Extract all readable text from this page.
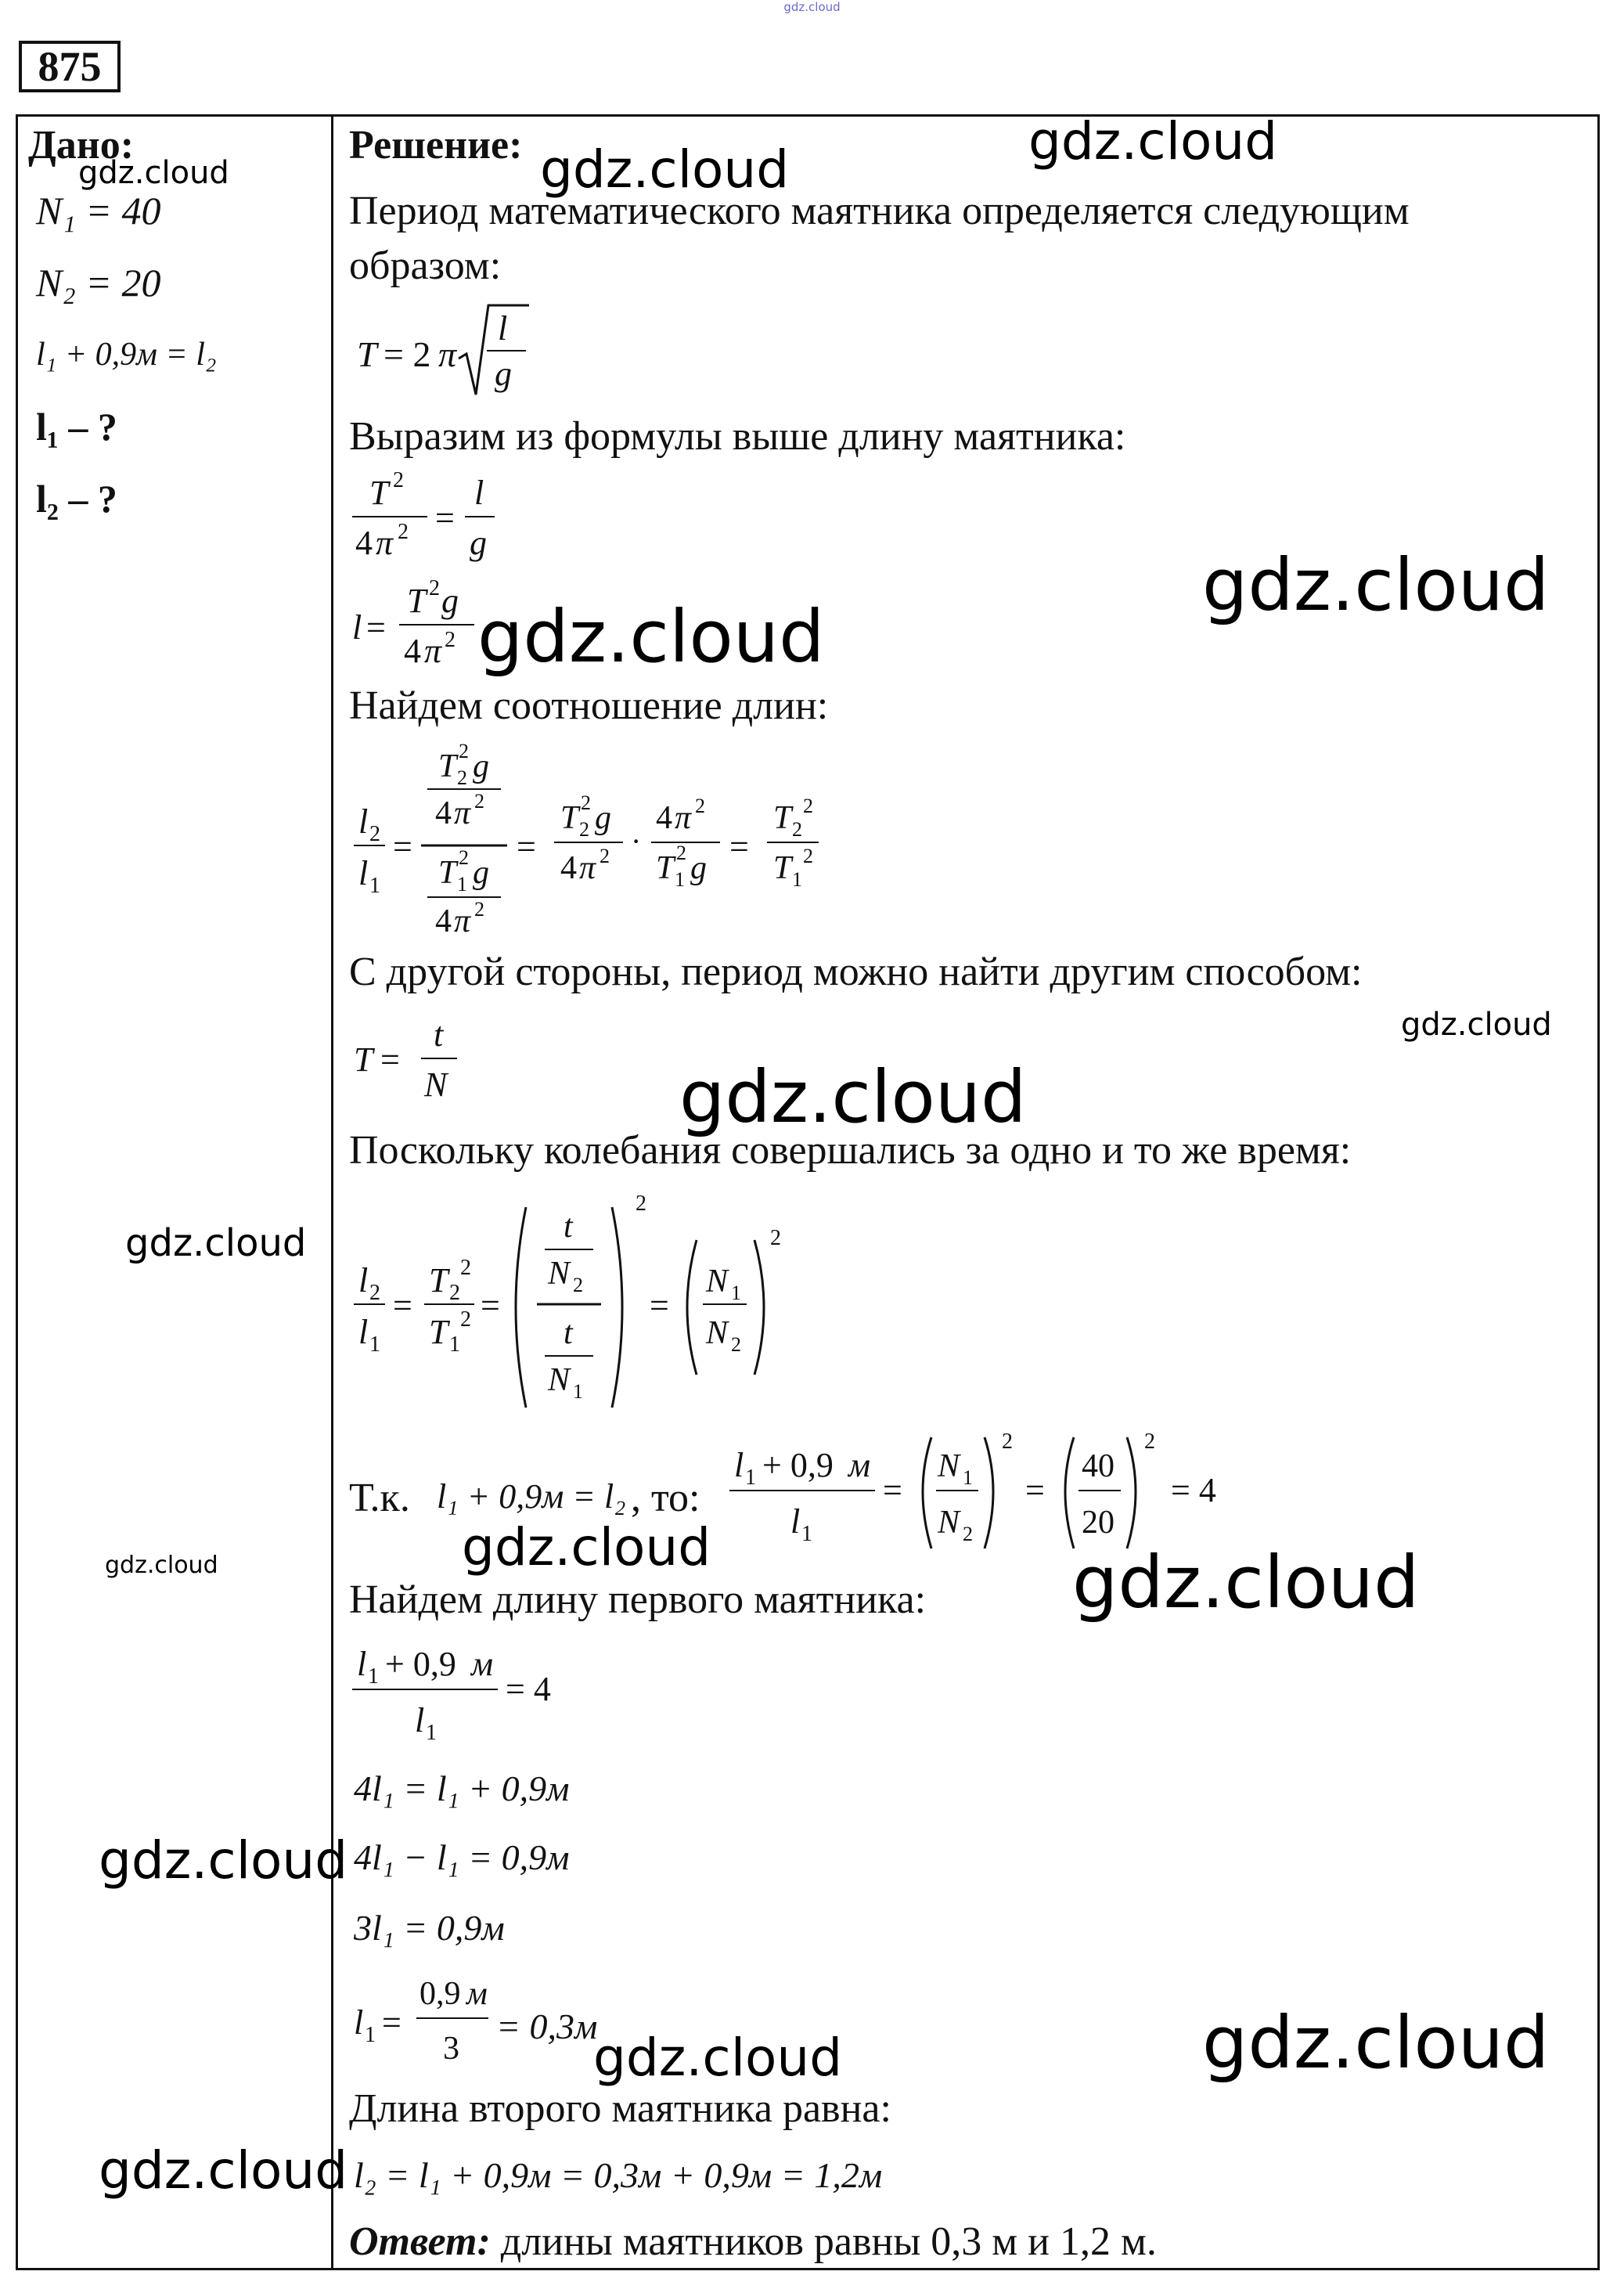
gdz.cloud
875
Дано:
N₁ = 40
N₂ = 20
l₁ + 0,9м = l₂
l₁ – ?
l₂ – ?
Решение:
Период математического маятника определяется следующим
образом:
T = 2 π
l
g
Выразим из формулы выше длину маятника:
T 2
4 π 2 =
l
g
l =
T 2 g
4 π 2
Найдем соотношение длин:
l 2
l 1
=
T 2
2 g
4 π 2
T 1
2 g
4 π 2
=
T 2
2 g
4 π 2 ·
4 π 2
T 1
2 g
=
T 2
2
T 1
2
С другой стороны, период можно найти другим способом:
T =
t
N
Поскольку колебания совершались за одно и то же время:
l 2
l 1
=
T 2
2
T 1
2 =
t
N 2
t
N 1
2
=
N 1
N 2
2
Т.к. l₁ + 0,9м = l₂ , то:
l 1 + 0,9 м
l 1
=
N 1
N 2
2
=
40
20
2
= 4
Найдем длину первого маятника:
l 1 + 0,9 м
l 1
= 4
4l₁ = l₁ + 0,9м
4l₁ − l₁ = 0,9м
3l₁ = 0,9м
l 1 =
0,9 м
3
= 0,3м
Длина второго маятника равна:
l₂ = l₁ + 0,9м = 0,3м + 0,9м = 1,2м
Ответ: длины маятников равны 0,3 м и 1,2 м.
gdz.cloud	gdz.cloud	gdz.cloud
gdz.cloud
gdz.cloud
gdz.cloud
gdz.cloud
gdz.cloud
gdz.cloud	gdz.cloud
gdz.cloud
gdz.cloud
gdz.cloud
gdz.cloud
gdz.cloud
